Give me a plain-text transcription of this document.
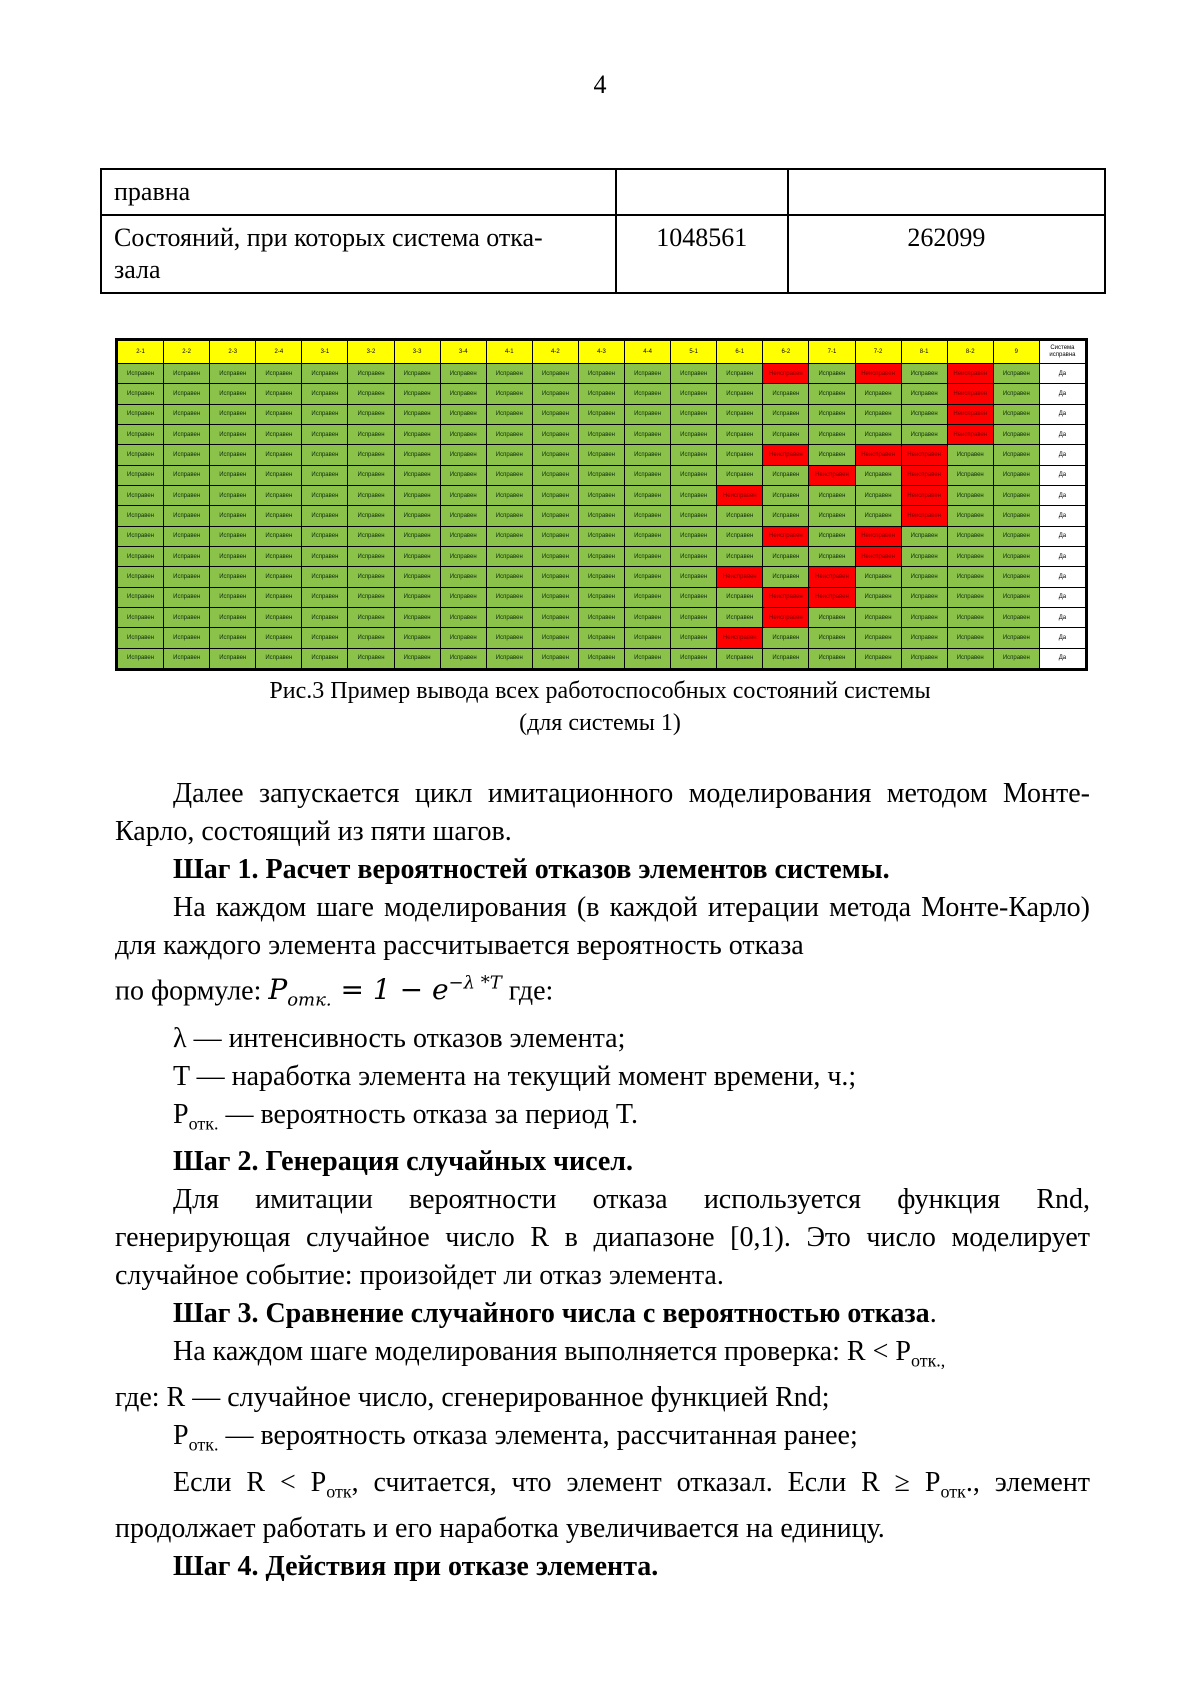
4
правна		
Состояний, при которых система отка-
зала	1048561	262099
2-1	2-2	2-3	2-4	3-1	3-2	3-3	3-4	4-1	4-2	4-3	4-4	5-1	6-1	6-2	7-1	7-2	8-1	8-2	9	Система исправна
Исправен	Исправен	Исправен	Исправен	Исправен	Исправен	Исправен	Исправен	Исправен	Исправен	Исправен	Исправен	Исправен	Исправен	Неисправен	Исправен	Неисправен	Исправен	Неисправен	Исправен	Да
Исправен	Исправен	Исправен	Исправен	Исправен	Исправен	Исправен	Исправен	Исправен	Исправен	Исправен	Исправен	Исправен	Исправен	Исправен	Исправен	Исправен	Исправен	Неисправен	Исправен	Да
Исправен	Исправен	Исправен	Исправен	Исправен	Исправен	Исправен	Исправен	Исправен	Исправен	Исправен	Исправен	Исправен	Исправен	Исправен	Исправен	Исправен	Исправен	Неисправен	Исправен	Да
Исправен	Исправен	Исправен	Исправен	Исправен	Исправен	Исправен	Исправен	Исправен	Исправен	Исправен	Исправен	Исправен	Исправен	Исправен	Исправен	Исправен	Исправен	Неисправен	Исправен	Да
Исправен	Исправен	Исправен	Исправен	Исправен	Исправен	Исправен	Исправен	Исправен	Исправен	Исправен	Исправен	Исправен	Исправен	Неисправен	Исправен	Неисправен	Неисправен	Исправен	Исправен	Да
Исправен	Исправен	Исправен	Исправен	Исправен	Исправен	Исправен	Исправен	Исправен	Исправен	Исправен	Исправен	Исправен	Исправен	Исправен	Неисправен	Исправен	Неисправен	Исправен	Исправен	Да
Исправен	Исправен	Исправен	Исправен	Исправен	Исправен	Исправен	Исправен	Исправен	Исправен	Исправен	Исправен	Исправен	Неисправен	Исправен	Исправен	Исправен	Неисправен	Исправен	Исправен	Да
Исправен	Исправен	Исправен	Исправен	Исправен	Исправен	Исправен	Исправен	Исправен	Исправен	Исправен	Исправен	Исправен	Исправен	Исправен	Исправен	Исправен	Неисправен	Исправен	Исправен	Да
Исправен	Исправен	Исправен	Исправен	Исправен	Исправен	Исправен	Исправен	Исправен	Исправен	Исправен	Исправен	Исправен	Исправен	Неисправен	Исправен	Неисправен	Исправен	Исправен	Исправен	Да
Исправен	Исправен	Исправен	Исправен	Исправен	Исправен	Исправен	Исправен	Исправен	Исправен	Исправен	Исправен	Исправен	Исправен	Исправен	Исправен	Неисправен	Исправен	Исправен	Исправен	Да
Исправен	Исправен	Исправен	Исправен	Исправен	Исправен	Исправен	Исправен	Исправен	Исправен	Исправен	Исправен	Исправен	Неисправен	Исправен	Неисправен	Исправен	Исправен	Исправен	Исправен	Да
Исправен	Исправен	Исправен	Исправен	Исправен	Исправен	Исправен	Исправен	Исправен	Исправен	Исправен	Исправен	Исправен	Исправен	Неисправен	Неисправен	Исправен	Исправен	Исправен	Исправен	Да
Исправен	Исправен	Исправен	Исправен	Исправен	Исправен	Исправен	Исправен	Исправен	Исправен	Исправен	Исправен	Исправен	Исправен	Неисправен	Исправен	Исправен	Исправен	Исправен	Исправен	Да
Исправен	Исправен	Исправен	Исправен	Исправен	Исправен	Исправен	Исправен	Исправен	Исправен	Исправен	Исправен	Исправен	Неисправен	Исправен	Исправен	Исправен	Исправен	Исправен	Исправен	Да
Исправен	Исправен	Исправен	Исправен	Исправен	Исправен	Исправен	Исправен	Исправен	Исправен	Исправен	Исправен	Исправен	Исправен	Исправен	Исправен	Исправен	Исправен	Исправен	Исправен	Да
Рис.3 Пример вывода всех работоспособных состояний системы
(для системы 1)

Далее запускается цикл имитационного моделирования методом Монте-Карло, состоящий из пяти шагов.

Шаг 1. Расчет вероятностей отказов элементов системы.

На каждом шаге моделирования (в каждой итерации метода Монте-Карло) для каждого элемента рассчитывается вероятность отказа

по формуле: $P_{отк.} = 1 - e^{-\lambda *T}$ где:

λ — интенсивность отказов элемента;

T — наработка элемента на текущий момент времени, ч.;

$P_{отк.}$ — вероятность отказа за период T.

Шаг 2. Генерация случайных чисел.

Для имитации вероятности отказа используется функция Rnd, генерирующая случайное число R в диапазоне [0,1). Это число моделирует случайное событие: произойдет ли отказ элемента.

Шаг 3. Сравнение случайного числа с вероятностью отказа.

На каждом шаге моделирования выполняется проверка: $R < P_{отк.,}$

где: R — случайное число, сгенерированное функцией Rnd;

$P_{отк.}$ — вероятность отказа элемента, рассчитанная ранее;

Если $R < P_{отк}$, считается, что элемент отказал. Если $R \ge P_{отк}$., элемент продолжает работать и его наработка увеличивается на единицу.

Шаг 4. Действия при отказе элемента.
